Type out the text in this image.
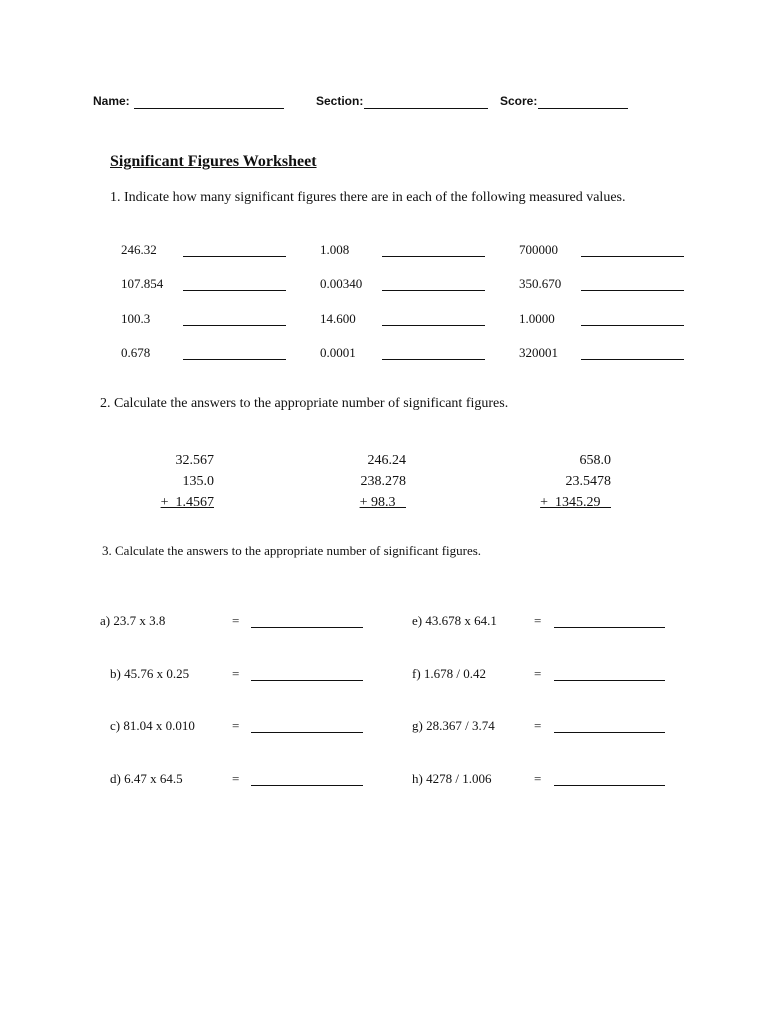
Name:	Section:	Score:
Significant Figures Worksheet
1. Indicate how many significant figures there are in each of the following measured values.
246.32	1.008	700000
107.854	0.00340	350.670
100.3	14.600	1.0000
0.678	0.0001	320001
2. Calculate the answers to the appropriate number of significant figures.
32.567
135.0
+ 1.4567
246.24
238.278
+ 98.3
658.0
23.5478
+ 1345.29
3. Calculate the answers to the appropriate number of significant figures.
a) 23.7 x 3.8	=
b) 45.76 x 0.25	=
c) 81.04 x 0.010	=
d) 6.47 x 64.5	=
e) 43.678 x 64.1	=
f) 1.678 / 0.42	=
g) 28.367 / 3.74	=
h) 4278 / 1.006	=
